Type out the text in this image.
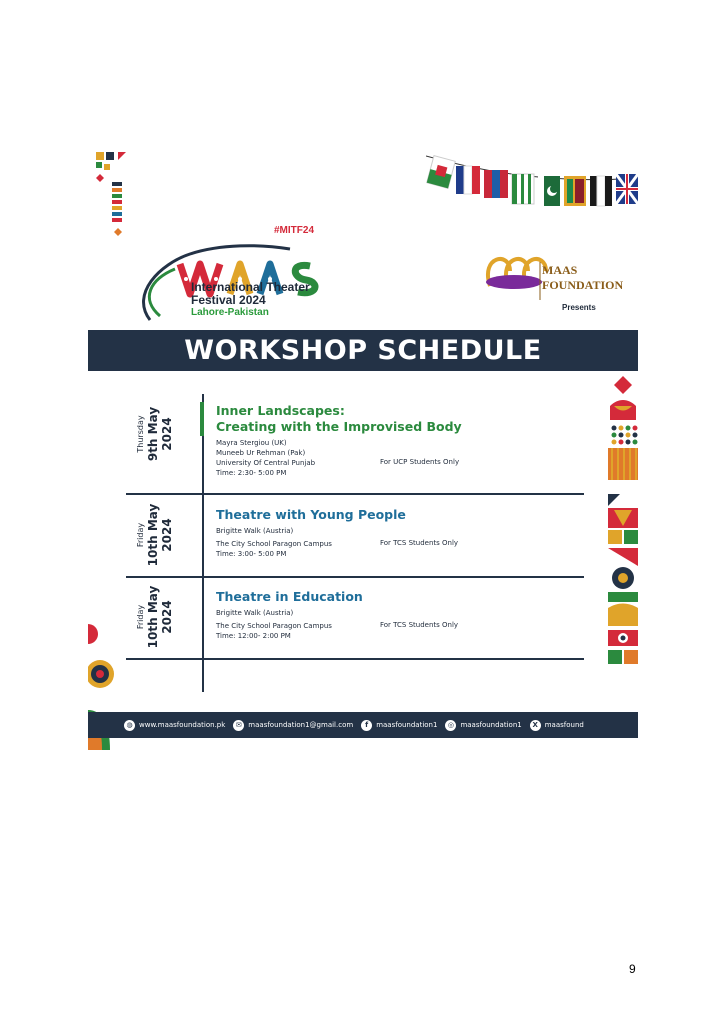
#MITF24
International Theater Festival 2024
Lahore-Pakistan
MAAS FOUNDATION
Presents
WORKSHOP SCHEDULE
Thursday 9th May 2024
Inner Landscapes:
Creating with the Improvised Body
Mayra Stergiou (UK)
Muneeb Ur Rehman (Pak)
University Of Central Punjab	For UCP Students Only
Time: 2:30- 5:00 PM
Friday 10th May 2024
Theatre with Young People
Brigitte Walk (Austria)
The City School Paragon Campus	For TCS Students Only
Time: 3:00- 5:00 PM
Friday 10th May 2024
Theatre in Education
Brigitte Walk (Austria)
The City School Paragon Campus	For TCS Students Only
Time: 12:00- 2:00 PM
◍ www.maasfoundation.pk	✉ maasfoundation1@gmail.com	f	maasfoundation1	◎ maasfoundation1	X maasfound
9
